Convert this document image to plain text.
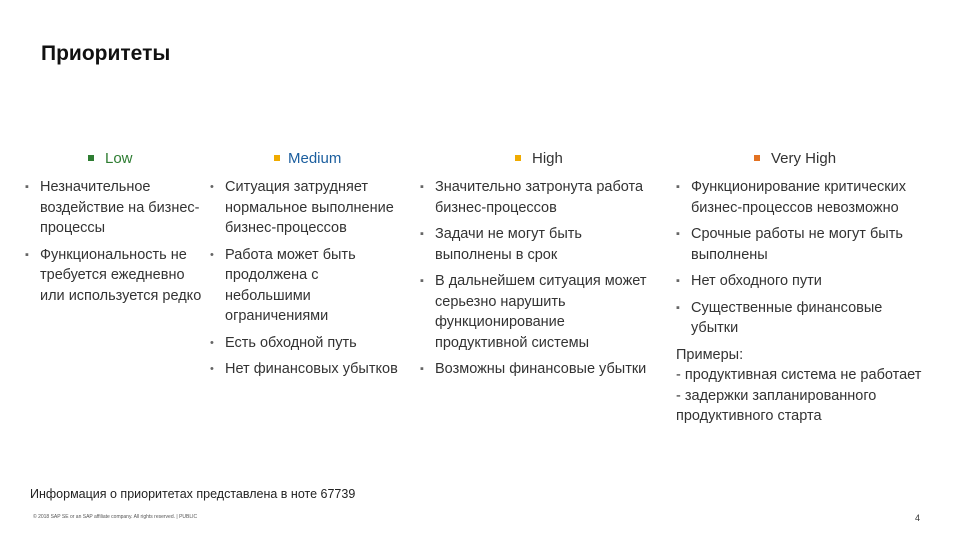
Приоритеты
Low
▪ Незначительное воздействие на бизнес-процессы
▪ Функциональность не требуется ежедневно или используется редко
Medium
• Ситуация затрудняет нормальное выполнение бизнес-процессов
• Работа может быть продолжена с небольшими ограничениями
• Есть обходной путь
• Нет финансовых убытков
High
▪ Значительно затронута работа бизнес-процессов
▪ Задачи не могут быть выполнены в срок
▪ В дальнейшем ситуация может серьезно нарушить функционирование продуктивной системы
▪ Возможны финансовые убытки
Very High
▪ Функционирование критических бизнес-процессов невозможно
▪ Срочные работы не могут быть выполнены
▪ Нет обходного пути
▪ Существенные финансовые убытки
Примеры:
- продуктивная система не работает
- задержки запланированного продуктивного старта
Информация о приоритетах представлена в ноте 67739
© 2018 SAP SE or an SAP affiliate company. All rights reserved. | PUBLIC	4
